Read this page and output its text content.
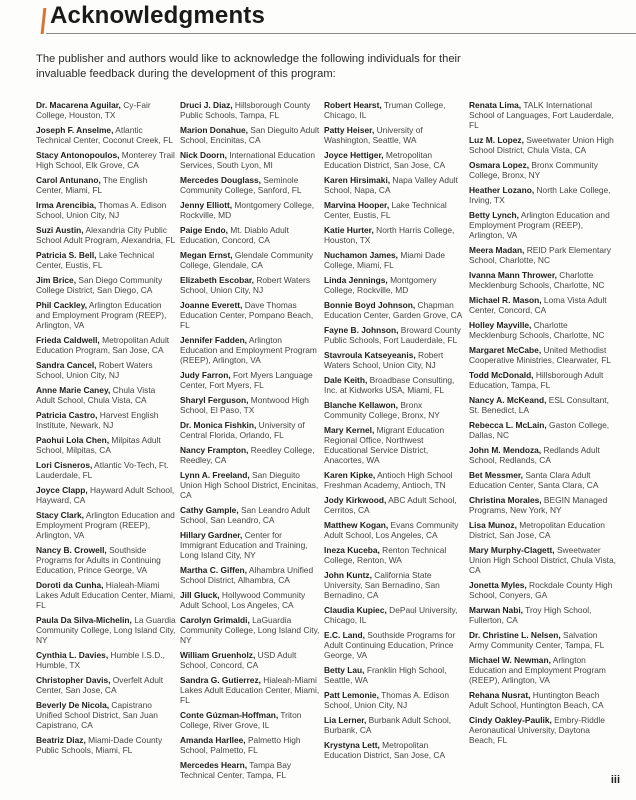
Acknowledgments
The publisher and authors would like to acknowledge the following individuals for their invaluable feedback during the development of this program:
Dr. Macarena Aguilar, Cy-Fair College, Houston, TX
Joseph F. Anselme, Atlantic Technical Center, Coconut Creek, FL
Stacy Antonopoulos, Monterey Trail High School, Elk Grove, CA
Carol Antunano, The English Center, Miami, FL
Irma Arencibia, Thomas A. Edison School, Union City, NJ
Suzi Austin, Alexandria City Public School Adult Program, Alexandria, FL
Patricia S. Bell, Lake Technical Center, Eustis, FL
Jim Brice, San Diego Community College District, San Diego, CA
Phil Cackley, Arlington Education and Employment Program (REEP), Arlington, VA
Frieda Caldwell, Metropolitan Adult Education Program, San Jose, CA
Sandra Cancel, Robert Waters School, Union City, NJ
Anne Marie Caney, Chula Vista Adult School, Chula Vista, CA
Patricia Castro, Harvest English Institute, Newark, NJ
Paohui Lola Chen, Milpitas Adult School, Milpitas, CA
Lori Cisneros, Atlantic Vo-Tech, Ft. Lauderdale, FL
Joyce Clapp, Hayward Adult School, Hayward, CA
Stacy Clark, Arlington Education and Employment Program (REEP), Arlington, VA
Nancy B. Crowell, Southside Programs for Adults in Continuing Education, Prince George, VA
Doroti da Cunha, Hialeah-Miami Lakes Adult Education Center, Miami, FL
Paula Da Silva-Michelin, La Guardia Community College, Long Island City, NY
Cynthia L. Davies, Humble I.S.D., Humble, TX
Christopher Davis, Overfelt Adult Center, San Jose, CA
Beverly De Nicola, Capistrano Unified School District, San Juan Capistrano, CA
Beatriz Diaz, Miami-Dade County Public Schools, Miami, FL
Druci J. Diaz, Hillsborough County Public Schools, Tampa, FL
Marion Donahue, San Dieguito Adult School, Encinitas, CA
Nick Doorn, International Education Services, South Lyon, MI
Mercedes Douglass, Seminole Community College, Sanford, FL
Jenny Elliott, Montgomery College, Rockville, MD
Paige Endo, Mt. Diablo Adult Education, Concord, CA
Megan Ernst, Glendale Community College, Glendale, CA
Elizabeth Escobar, Robert Waters School, Union City, NJ
Joanne Everett, Dave Thomas Education Center, Pompano Beach, FL
Jennifer Fadden, Arlington Education and Employment Program (REEP), Arlington, VA
Judy Farron, Fort Myers Language Center, Fort Myers, FL
Sharyl Ferguson, Montwood High School, El Paso, TX
Dr. Monica Fishkin, University of Central Florida, Orlando, FL
Nancy Frampton, Reedley College, Reedley, CA
Lynn A. Freeland, San Dieguito Union High School District, Encinitas, CA
Cathy Gample, San Leandro Adult School, San Leandro, CA
Hillary Gardner, Center for Immigrant Education and Training, Long Island City, NY
Martha C. Giffen, Alhambra Unified School District, Alhambra, CA
Jill Gluck, Hollywood Community Adult School, Los Angeles, CA
Carolyn Grimaldi, LaGuardia Community College, Long Island City, NY
William Gruenholz, USD Adult School, Concord, CA
Sandra G. Gutierrez, Hialeah-Miami Lakes Adult Education Center, Miami, FL
Conte Gúzman-Hoffman, Triton College, River Grove, IL
Amanda Harllee, Palmetto High School, Palmetto, FL
Mercedes Hearn, Tampa Bay Technical Center, Tampa, FL
Robert Hearst, Truman College, Chicago, IL
Patty Heiser, University of Washington, Seattle, WA
Joyce Hettiger, Metropolitan Education District, San Jose, CA
Karen Hirsimaki, Napa Valley Adult School, Napa, CA
Marvina Hooper, Lake Technical Center, Eustis, FL
Katie Hurter, North Harris College, Houston, TX
Nuchamon James, Miami Dade College, Miami, FL
Linda Jennings, Montgomery College, Rockville, MD
Bonnie Boyd Johnson, Chapman Education Center, Garden Grove, CA
Fayne B. Johnson, Broward County Public Schools, Fort Lauderdale, FL
Stavroula Katseyeanis, Robert Waters School, Union City, NJ
Dale Keith, Broadbase Consulting, Inc. at Kidworks USA, Miami, FL
Blanche Kellawon, Bronx Community College, Bronx, NY
Mary Kernel, Migrant Education Regional Office, Northwest Educational Service District, Anacortes, WA
Karen Kipke, Antioch High School Freshman Academy, Antioch, TN
Jody Kirkwood, ABC Adult School, Cerritos, CA
Matthew Kogan, Evans Community Adult School, Los Angeles, CA
Ineza Kuceba, Renton Technical College, Renton, WA
John Kuntz, California State University, San Bernadino, San Bernadino, CA
Claudia Kupiec, DePaul University, Chicago, IL
E.C. Land, Southside Programs for Adult Continuing Education, Prince George, VA
Betty Lau, Franklin High School, Seattle, WA
Patt Lemonie, Thomas A. Edison School, Union City, NJ
Lia Lerner, Burbank Adult School, Burbank, CA
Krystyna Lett, Metropolitan Education District, San Jose, CA
Renata Lima, TALK International School of Languages, Fort Lauderdale, FL
Luz M. Lopez, Sweetwater Union High School District, Chula Vista, CA
Osmara Lopez, Bronx Community College, Bronx, NY
Heather Lozano, North Lake College, Irving, TX
Betty Lynch, Arlington Education and Employment Program (REEP), Arlington, VA
Meera Madan, REID Park Elementary School, Charlotte, NC
Ivanna Mann Thrower, Charlotte Mecklenburg Schools, Charlotte, NC
Michael R. Mason, Loma Vista Adult Center, Concord, CA
Holley Mayville, Charlotte Mecklenburg Schools, Charlotte, NC
Margaret McCabe, United Methodist Cooperative Ministries, Clearwater, FL
Todd McDonald, Hillsborough Adult Education, Tampa, FL
Nancy A. McKeand, ESL Consultant, St. Benedict, LA
Rebecca L. McLain, Gaston College, Dallas, NC
John M. Mendoza, Redlands Adult School, Redlands, CA
Bet Messmer, Santa Clara Adult Education Center, Santa Clara, CA
Christina Morales, BEGIN Managed Programs, New York, NY
Lisa Munoz, Metropolitan Education District, San Jose, CA
Mary Murphy-Clagett, Sweetwater Union High School District, Chula Vista, CA
Jonetta Myles, Rockdale County High School, Conyers, GA
Marwan Nabi, Troy High School, Fullerton, CA
Dr. Christine L. Nelsen, Salvation Army Community Center, Tampa, FL
Michael W. Newman, Arlington Education and Employment Program (REEP), Arlington, VA
Rehana Nusrat, Huntington Beach Adult School, Huntington Beach, CA
Cindy Oakley-Paulik, Embry-Riddle Aeronautical University, Daytona Beach, FL
iii
